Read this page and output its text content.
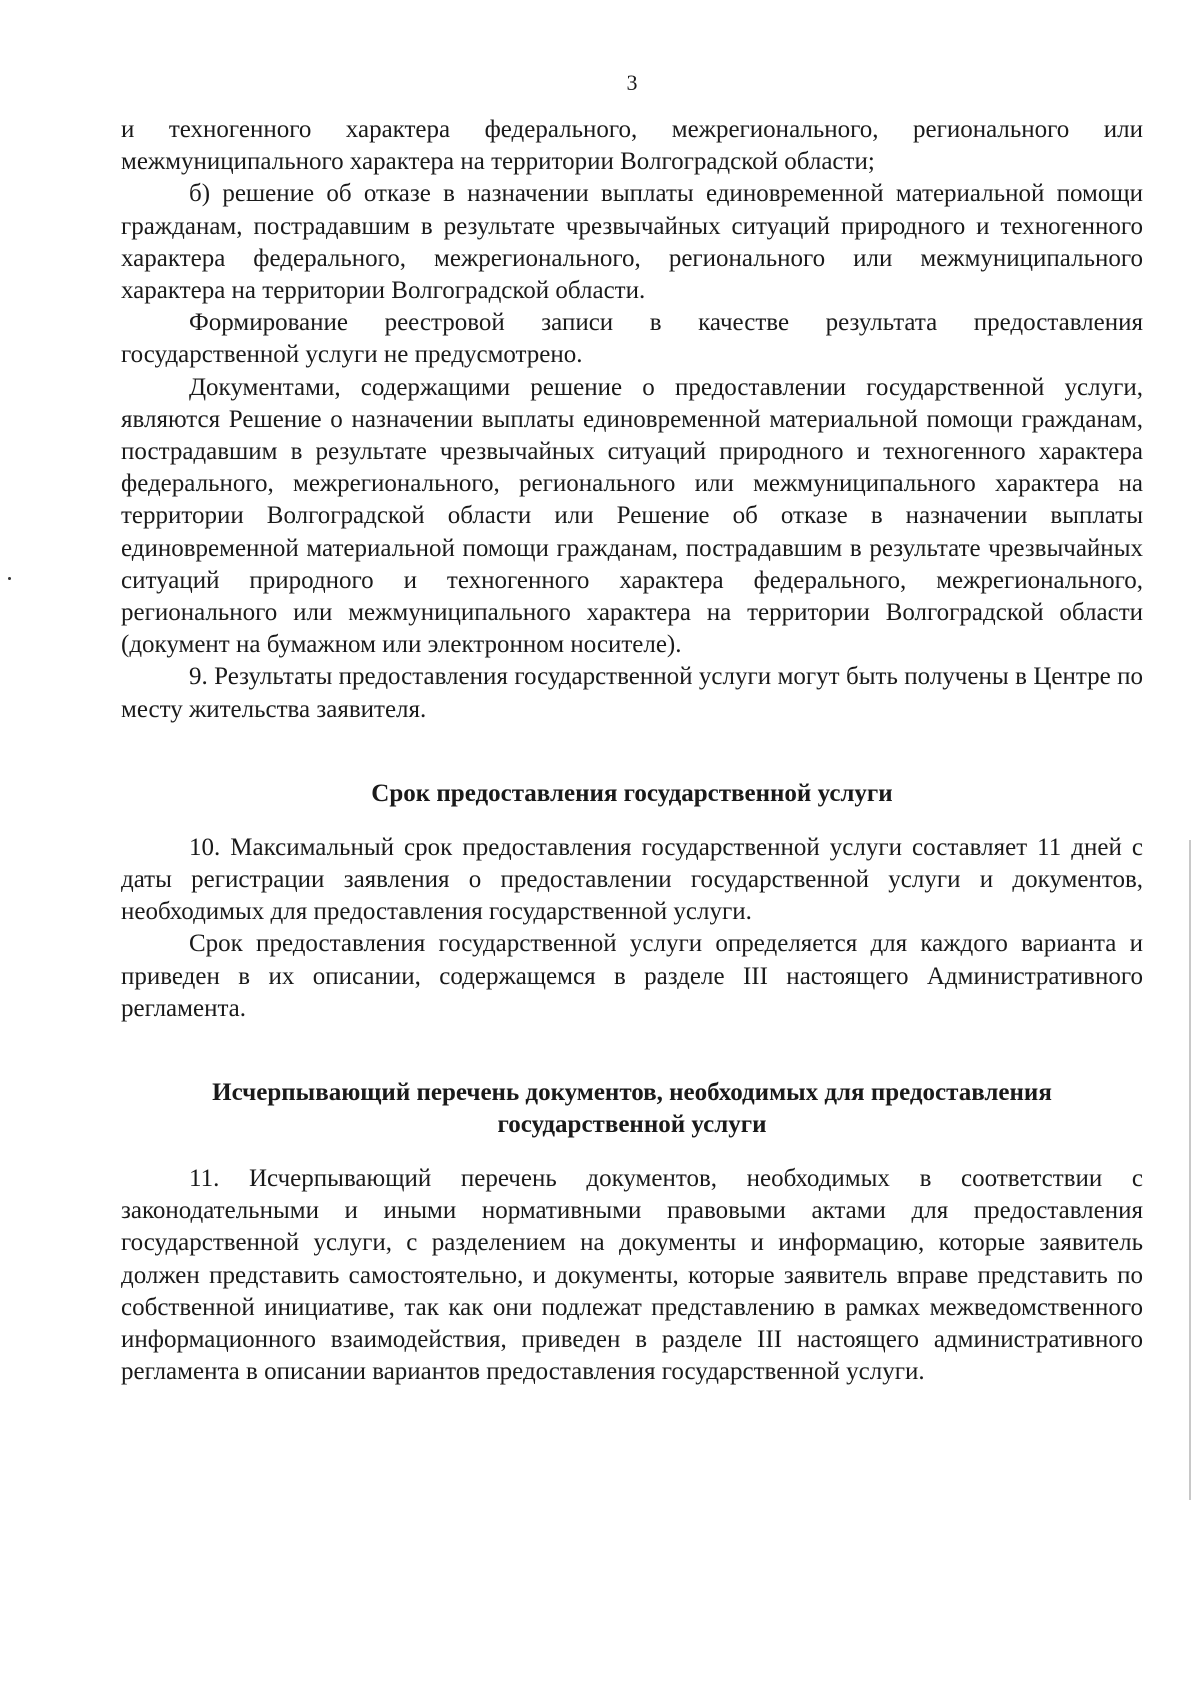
3

и техногенного характера федерального, межрегионального, регионального или межмуниципального характера на территории Волгоградской области;

б) решение об отказе в назначении выплаты единовременной материальной помощи гражданам, пострадавшим в результате чрезвычайных ситуаций природного и техногенного характера федерального, межрегионального, регионального или межмуниципального характера на территории Волгоградской области.

Формирование реестровой записи в качестве результата предоставления государственной услуги не предусмотрено.

Документами, содержащими решение о предоставлении государственной услуги, являются Решение о назначении выплаты единовременной материальной помощи гражданам, пострадавшим в результате чрезвычайных ситуаций природного и техногенного характера федерального, межрегионального, регионального или межмуниципального характера на территории Волгоградской области или Решение об отказе в назначении выплаты единовременной материальной помощи гражданам, пострадавшим в результате чрезвычайных ситуаций природного и техногенного характера федерального, межрегионального, регионального или межмуниципального характера на территории Волгоградской области (документ на бумажном или электронном носителе).

9. Результаты предоставления государственной услуги могут быть получены в Центре по месту жительства заявителя.

Срок предоставления государственной услуги

10. Максимальный срок предоставления государственной услуги составляет 11 дней с даты регистрации заявления о предоставлении государственной услуги и документов, необходимых для предоставления государственной услуги.

Срок предоставления государственной услуги определяется для каждого варианта и приведен в их описании, содержащемся в разделе III настоящего Административного регламента.

Исчерпывающий перечень документов, необходимых для предоставления
государственной услуги

11. Исчерпывающий перечень документов, необходимых в соответствии с законодательными и иными нормативными правовыми актами для предоставления государственной услуги, с разделением на документы и информацию, которые заявитель должен представить самостоятельно, и документы, которые заявитель вправе представить по собственной инициативе, так как они подлежат представлению в рамках межведомственного информационного взаимодействия, приведен в разделе III настоящего административного регламента в описании вариантов предоставления государственной услуги.
